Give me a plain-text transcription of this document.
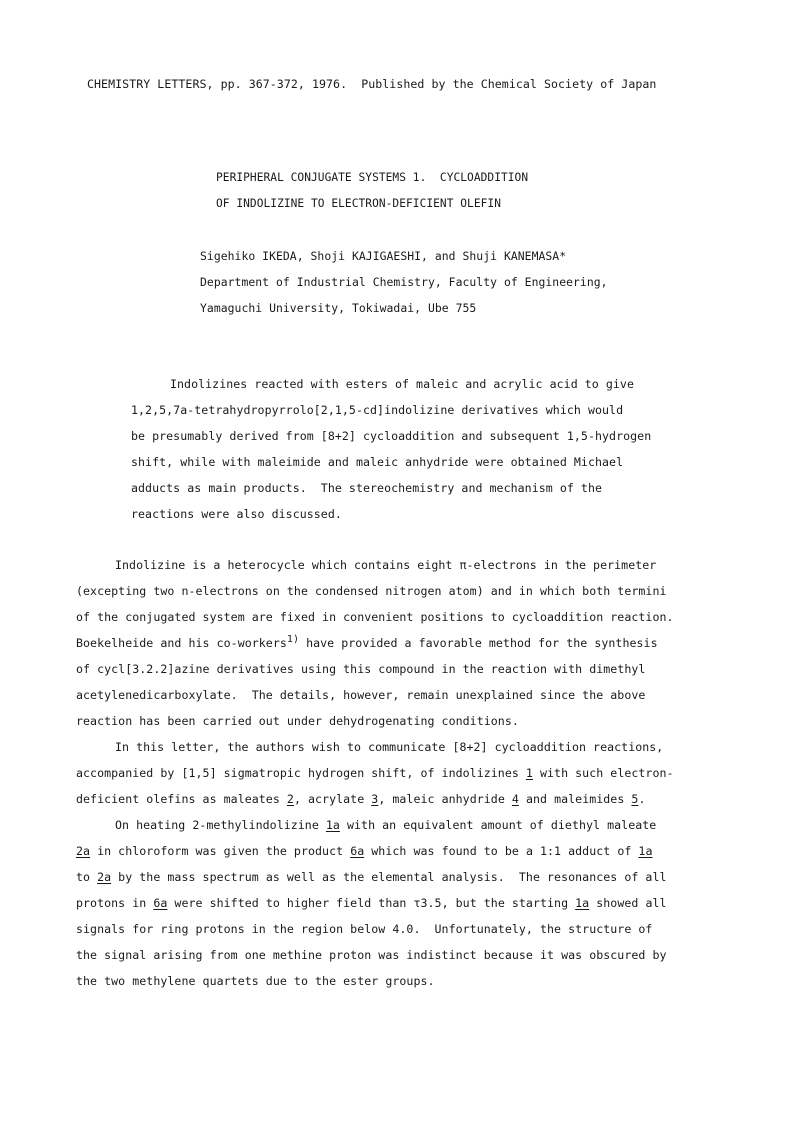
CHEMISTRY LETTERS, pp. 367-372, 1976. Published by the Chemical Society of Japan
PERIPHERAL CONJUGATE SYSTEMS 1.  CYCLOADDITION
OF INDOLIZINE TO ELECTRON-DEFICIENT OLEFIN
Sigehiko IKEDA, Shoji KAJIGAESHI, and Shuji KANEMASA*
Department of Industrial Chemistry, Faculty of Engineering,
Yamaguchi University, Tokiwadai, Ube 755
Indolizines reacted with esters of maleic and acrylic acid to give
1,2,5,7a-tetrahydropyrrolo[2,1,5-cd]indolizine derivatives which would
be presumably derived from [8+2] cycloaddition and subsequent 1,5-hydrogen
shift, while with maleimide and maleic anhydride were obtained Michael
adducts as main products.  The stereochemistry and mechanism of the
reactions were also discussed.
Indolizine is a heterocycle which contains eight π-electrons in the perimeter
(excepting two n-electrons on the condensed nitrogen atom) and in which both termini
of the conjugated system are fixed in convenient positions to cycloaddition reaction.
Boekelheide and his co-workers1) have provided a favorable method for the synthesis
of cycl[3.2.2]azine derivatives using this compound in the reaction with dimethyl
acetylenedicarboxylate.  The details, however, remain unexplained since the above
reaction has been carried out under dehydrogenating conditions.
In this letter, the authors wish to communicate [8+2] cycloaddition reactions,
accompanied by [1,5] sigmatropic hydrogen shift, of indolizines 1 with such electron-
deficient olefins as maleates 2, acrylate 3, maleic anhydride 4 and maleimides 5.
On heating 2-methylindolizine 1a with an equivalent amount of diethyl maleate
2a in chloroform was given the product 6a which was found to be a 1:1 adduct of 1a
to 2a by the mass spectrum as well as the elemental analysis.  The resonances of all
protons in 6a were shifted to higher field than τ3.5, but the starting 1a showed all
signals for ring protons in the region below 4.0.  Unfortunately, the structure of
the signal arising from one methine proton was indistinct because it was obscured by
the two methylene quartets due to the ester groups.
